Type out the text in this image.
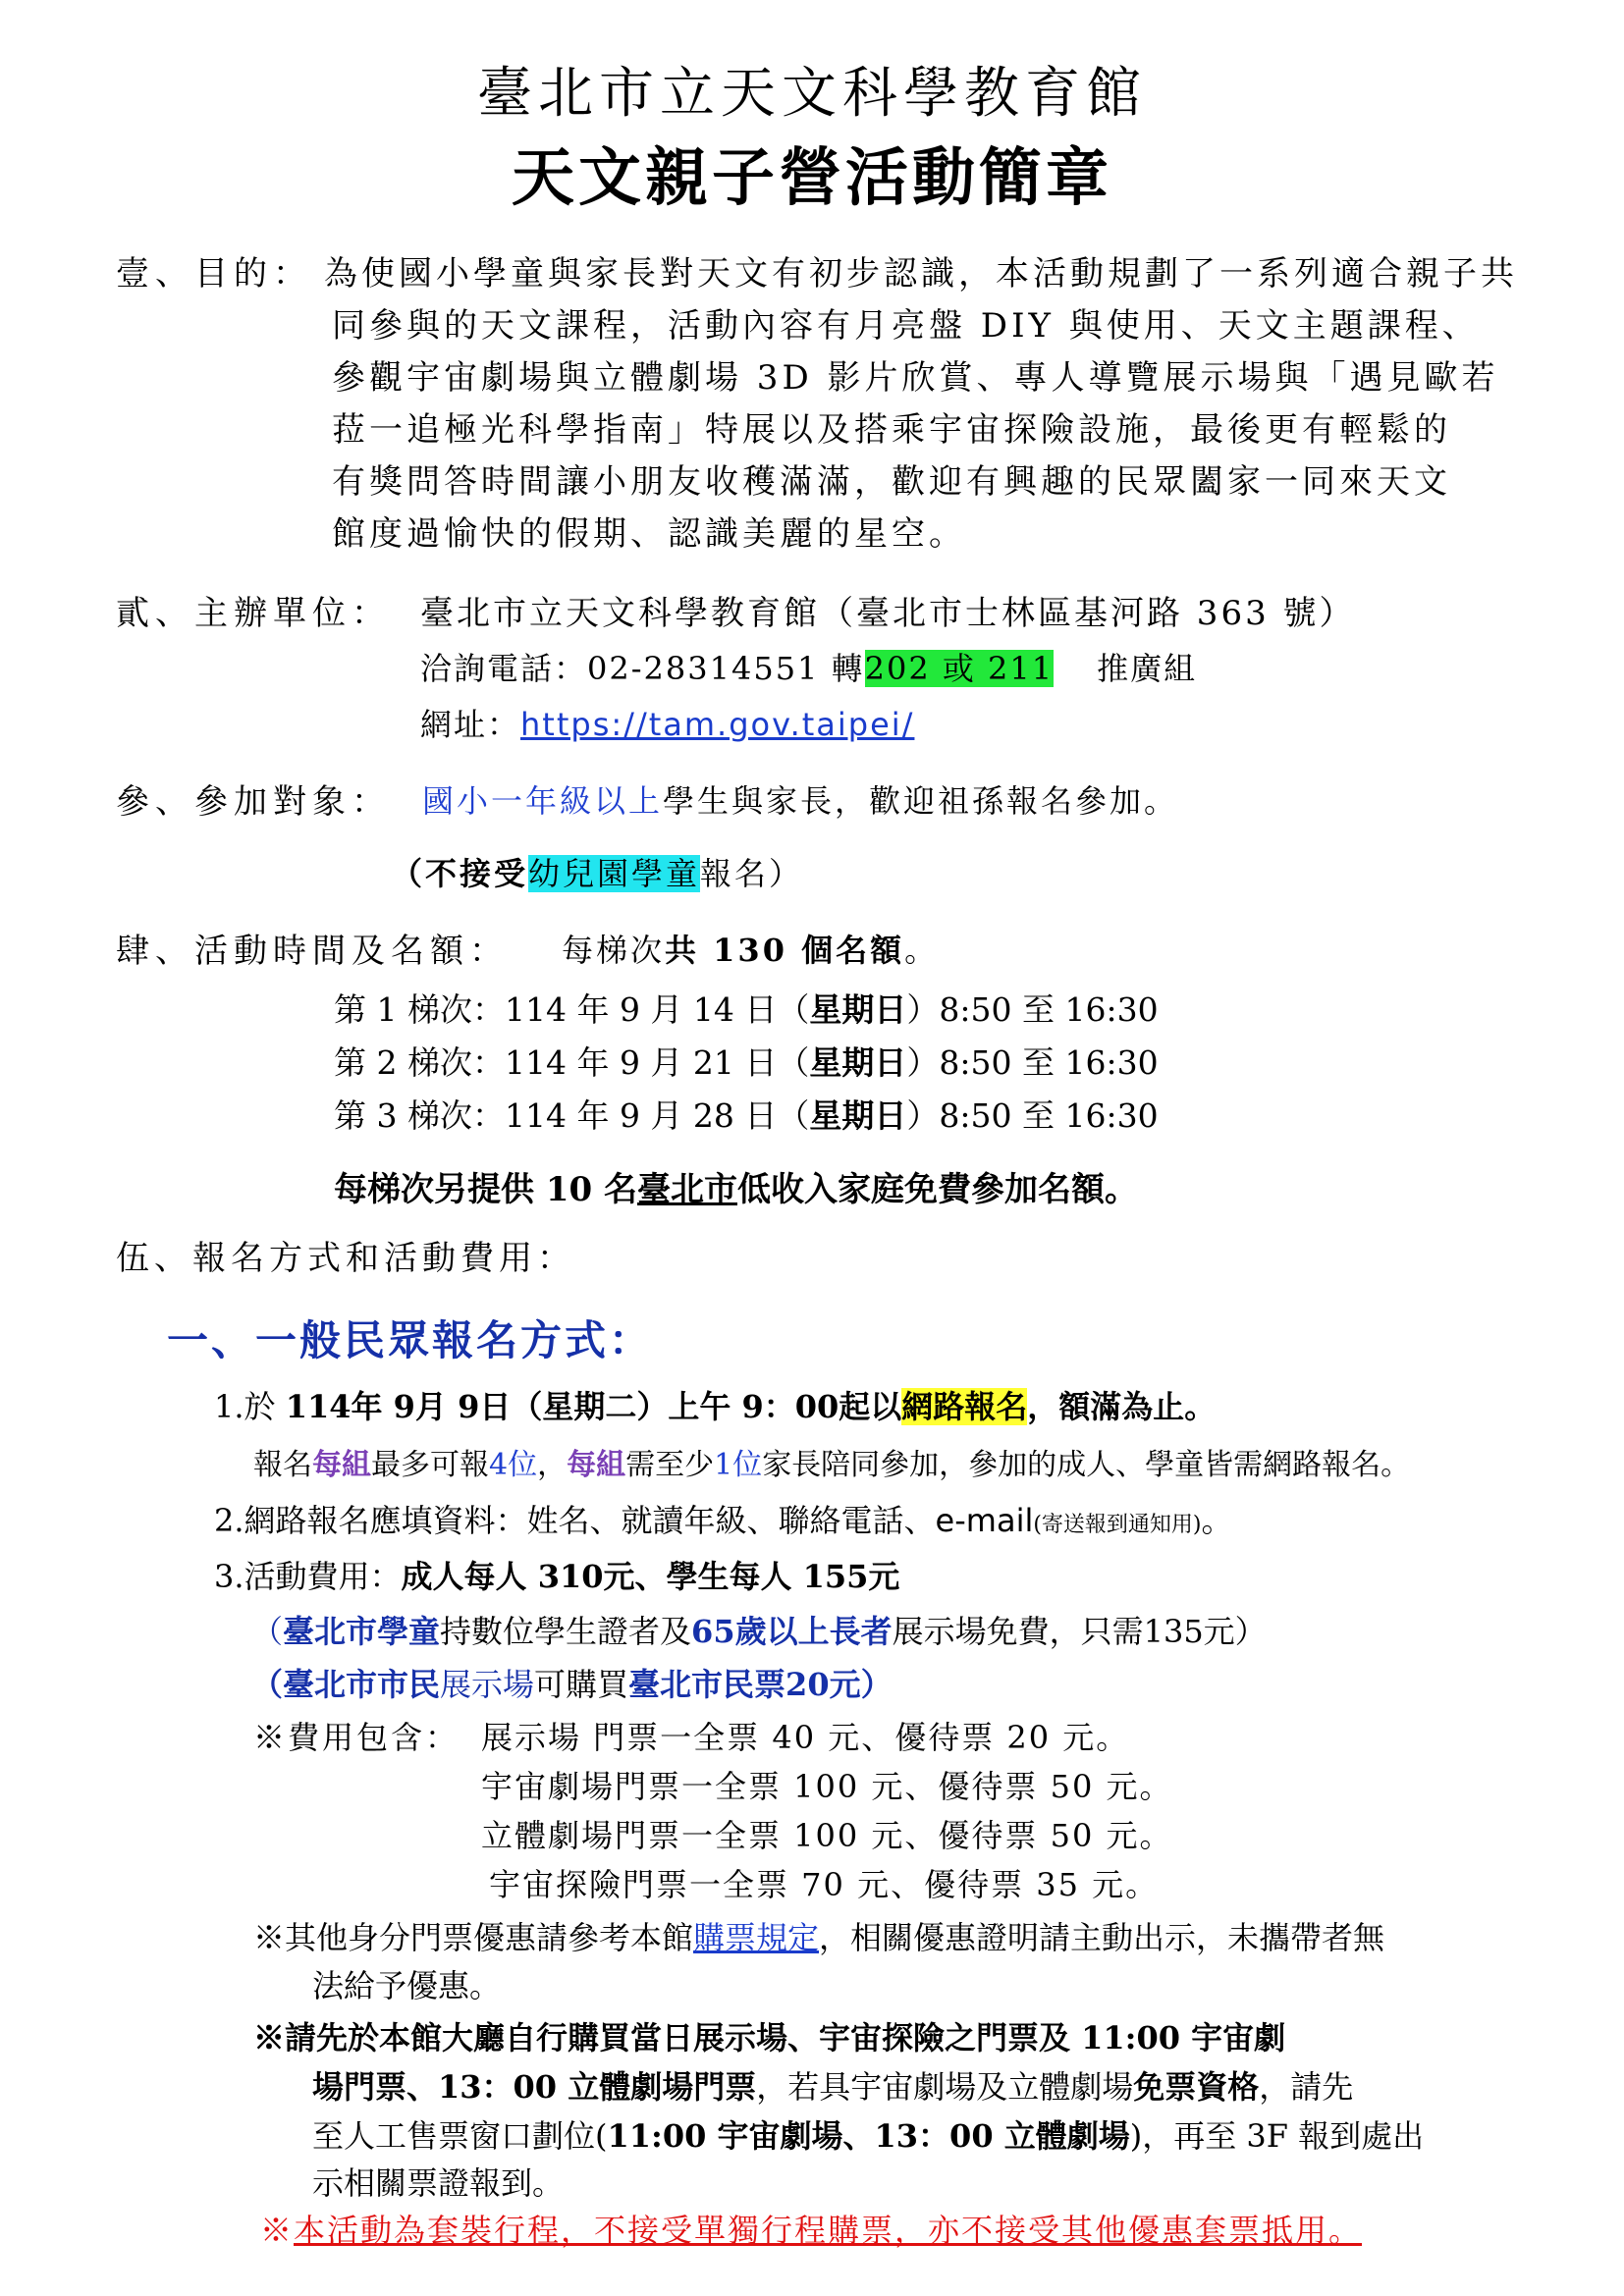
臺北市立天文科學教育館
天文親子營活動簡章
壹、目的： 為使國小學童與家長對天文有初步認識，本活動規劃了一系列適合親子共
同參與的天文課程，活動內容有月亮盤 DIY 與使用、天文主題課程、
參觀宇宙劇場與立體劇場 3D 影片欣賞、專人導覽展示場與「遇見歐若
菈一追極光科學指南」特展以及搭乘宇宙探險設施，最後更有輕鬆的
有獎問答時間讓小朋友收穫滿滿，歡迎有興趣的民眾闔家一同來天文
館度過愉快的假期、認識美麗的星空。
貳、主辦單位： 臺北市立天文科學教育館（臺北市士林區基河路 363 號）
洽詢電話：02-28314551 轉202 或 211 推廣組
網址：https://tam.gov.taipei/
參、參加對象： 國小一年級以上學生與家長，歡迎祖孫報名參加。
（不接受幼兒園學童報名）
肆、活動時間及名額： 每梯次共 130 個名額。
第 1 梯次：114 年 9 月 14 日（星期日）8:50 至 16:30
第 2 梯次：114 年 9 月 21 日（星期日）8:50 至 16:30
第 3 梯次：114 年 9 月 28 日（星期日）8:50 至 16:30
每梯次另提供 10 名臺北市低收入家庭免費參加名額。
伍、報名方式和活動費用：
一、一般民眾報名方式：
1.於 114年 9月 9日（星期二）上午 9：00起以網路報名，額滿為止。
報名每組最多可報4位，每組需至少1位家長陪同參加，參加的成人、學童皆需網路報名。
2.網路報名應填資料：姓名、就讀年級、聯絡電話、e-mail(寄送報到通知用)。
3.活動費用：成人每人 310元、學生每人 155元
（臺北市學童持數位學生證者及65歲以上長者展示場免費，只需135元）
（臺北市市民展示場可購買臺北市民票20元）
※費用包含： 展示場 門票一全票 40 元、優待票 20 元。
宇宙劇場門票一全票 100 元、優待票 50 元。
立體劇場門票一全票 100 元、優待票 50 元。
宇宙探險門票一全票 70 元、優待票 35 元。
※其他身分門票優惠請參考本館購票規定，相關優惠證明請主動出示，未攜帶者無
法給予優惠。
※請先於本館大廳自行購買當日展示場、宇宙探險之門票及 11:00 宇宙劇
場門票、13：00 立體劇場門票，若具宇宙劇場及立體劇場免票資格，請先
至人工售票窗口劃位(11:00 宇宙劇場、13：00 立體劇場)，再至 3F 報到處出
示相關票證報到。
※本活動為套裝行程，不接受單獨行程購票，亦不接受其他優惠套票抵用。
